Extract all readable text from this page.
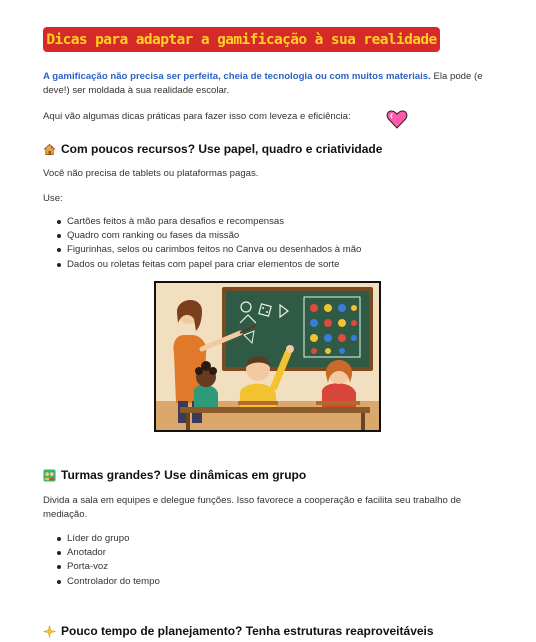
Dicas para adaptar a gamificação à sua realidade
A gamificação não precisa ser perfeita, cheia de tecnologia ou com muitos materiais. Ela pode (e deve!) ser moldada à sua realidade escolar.
Aqui vão algumas dicas práticas para fazer isso com leveza e eficiência:
Com poucos recursos? Use papel, quadro e criatividade
Você não precisa de tablets ou plataformas pagas.
Use:
Cartões feitos à mão para desafios e recompensas
Quadro com ranking ou fases da missão
Figurinhas, selos ou carimbos feitos no Canva ou desenhados à mão
Dados ou roletas feitas com papel para criar elementos de sorte
Turmas grandes? Use dinâmicas em grupo
Divida a sala em equipes e delegue funções. Isso favorece a cooperação e facilita seu trabalho de mediação.
Líder do grupo
Anotador
Porta-voz
Controlador do tempo
Pouco tempo de planejamento? Tenha estruturas reaproveitáveis
